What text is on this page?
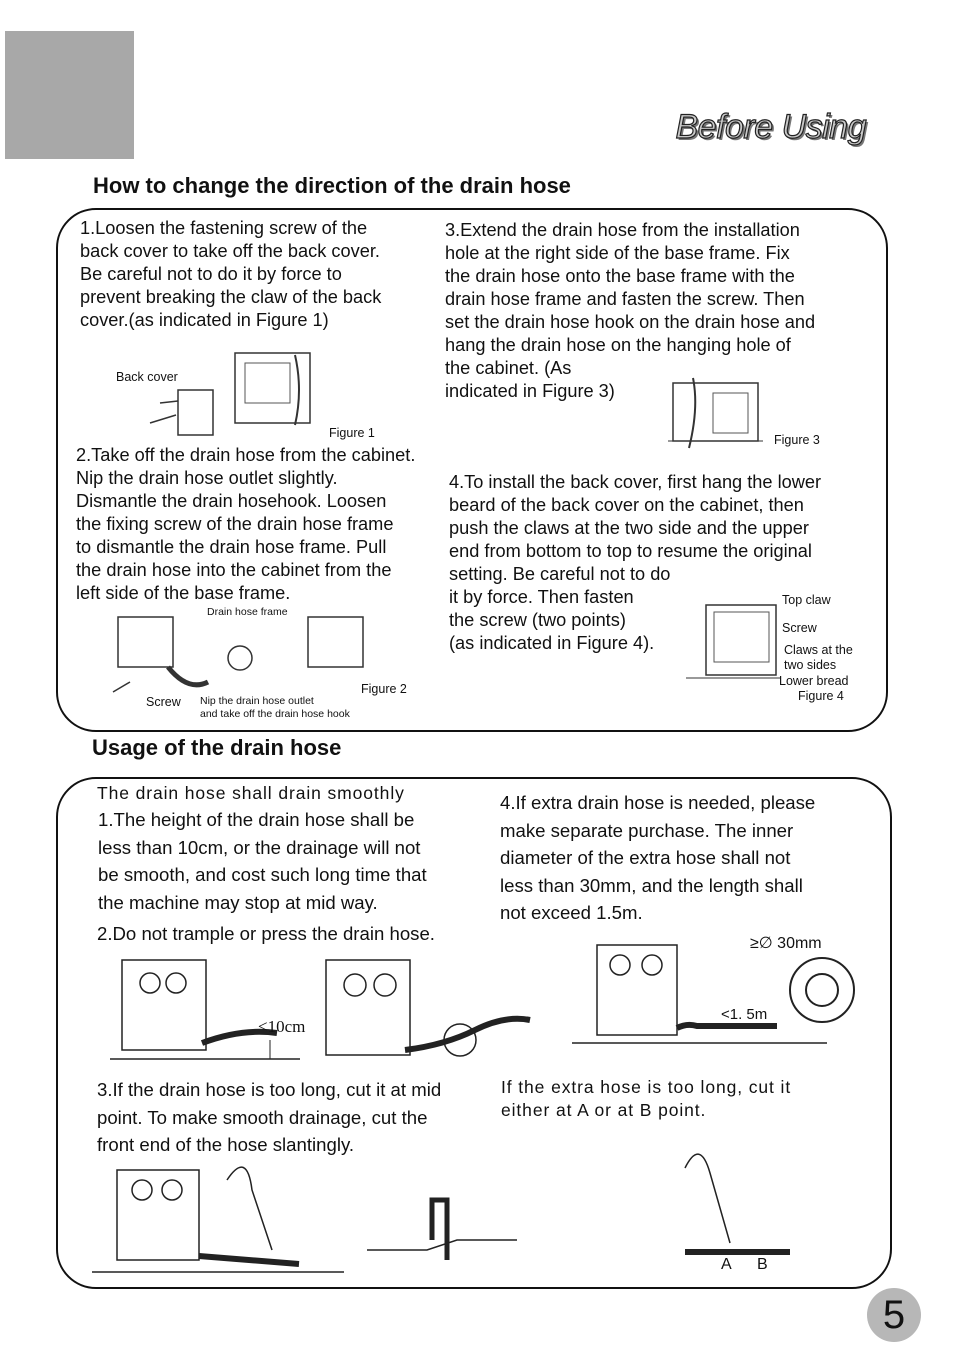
Before Using
How to change the direction of the drain hose
1.Loosen the fastening screw of the
back cover to take off the back cover.
Be careful not to do it by force to
prevent breaking the claw of the back
cover.(as indicated in Figure 1)
3.Extend the drain hose from the installation
hole at the right side of the base frame. Fix
the drain hose onto the base frame with the
drain hose frame and fasten the screw. Then
set the drain hose hook on the drain hose and
hang the drain hose on the hanging hole of
the cabinet. (As
indicated in Figure 3)
2.Take off the drain hose from the cabinet.
Nip the drain hose outlet slightly.
Dismantle the drain hosehook. Loosen
the fixing screw of the drain hose frame
to dismantle the drain hose frame. Pull
the drain hose into the cabinet from the
left side of the base frame.
4.To install the back cover, first hang the lower
beard of the back cover on the cabinet, then
push the claws at the two side and the upper
end from bottom to top to resume the original
setting. Be careful not to do
it by force. Then fasten
the screw (two points)
(as indicated in Figure 4).
Back cover
Figure 1	Figure 3
Drain hose frame
Screw Nip the drain hose outlet
and take off the drain hose hook
Figure 2
Top claw
Screw
Claws at the
two sides
Lower bread
Figure 4
Usage of the drain hose
The drain hose shall drain smoothly
1.The height of the drain hose shall be
less than 10cm, or the drainage will not
be smooth, and cost such long time that
the machine may stop at mid way.
2.Do not trample or press the drain hose.
4.If extra drain hose is needed, please
make separate purchase. The inner
diameter of the extra hose shall not
less than 30mm, and the length shall
not exceed 1.5m.
3.If the drain hose is too long, cut it at mid
point. To make smooth drainage, cut the
front end of the hose slantingly.
If the extra hose is too long, cut it
either at A or at B point.
<10cm
≥∅ 30mm
<1. 5m
A B
5
